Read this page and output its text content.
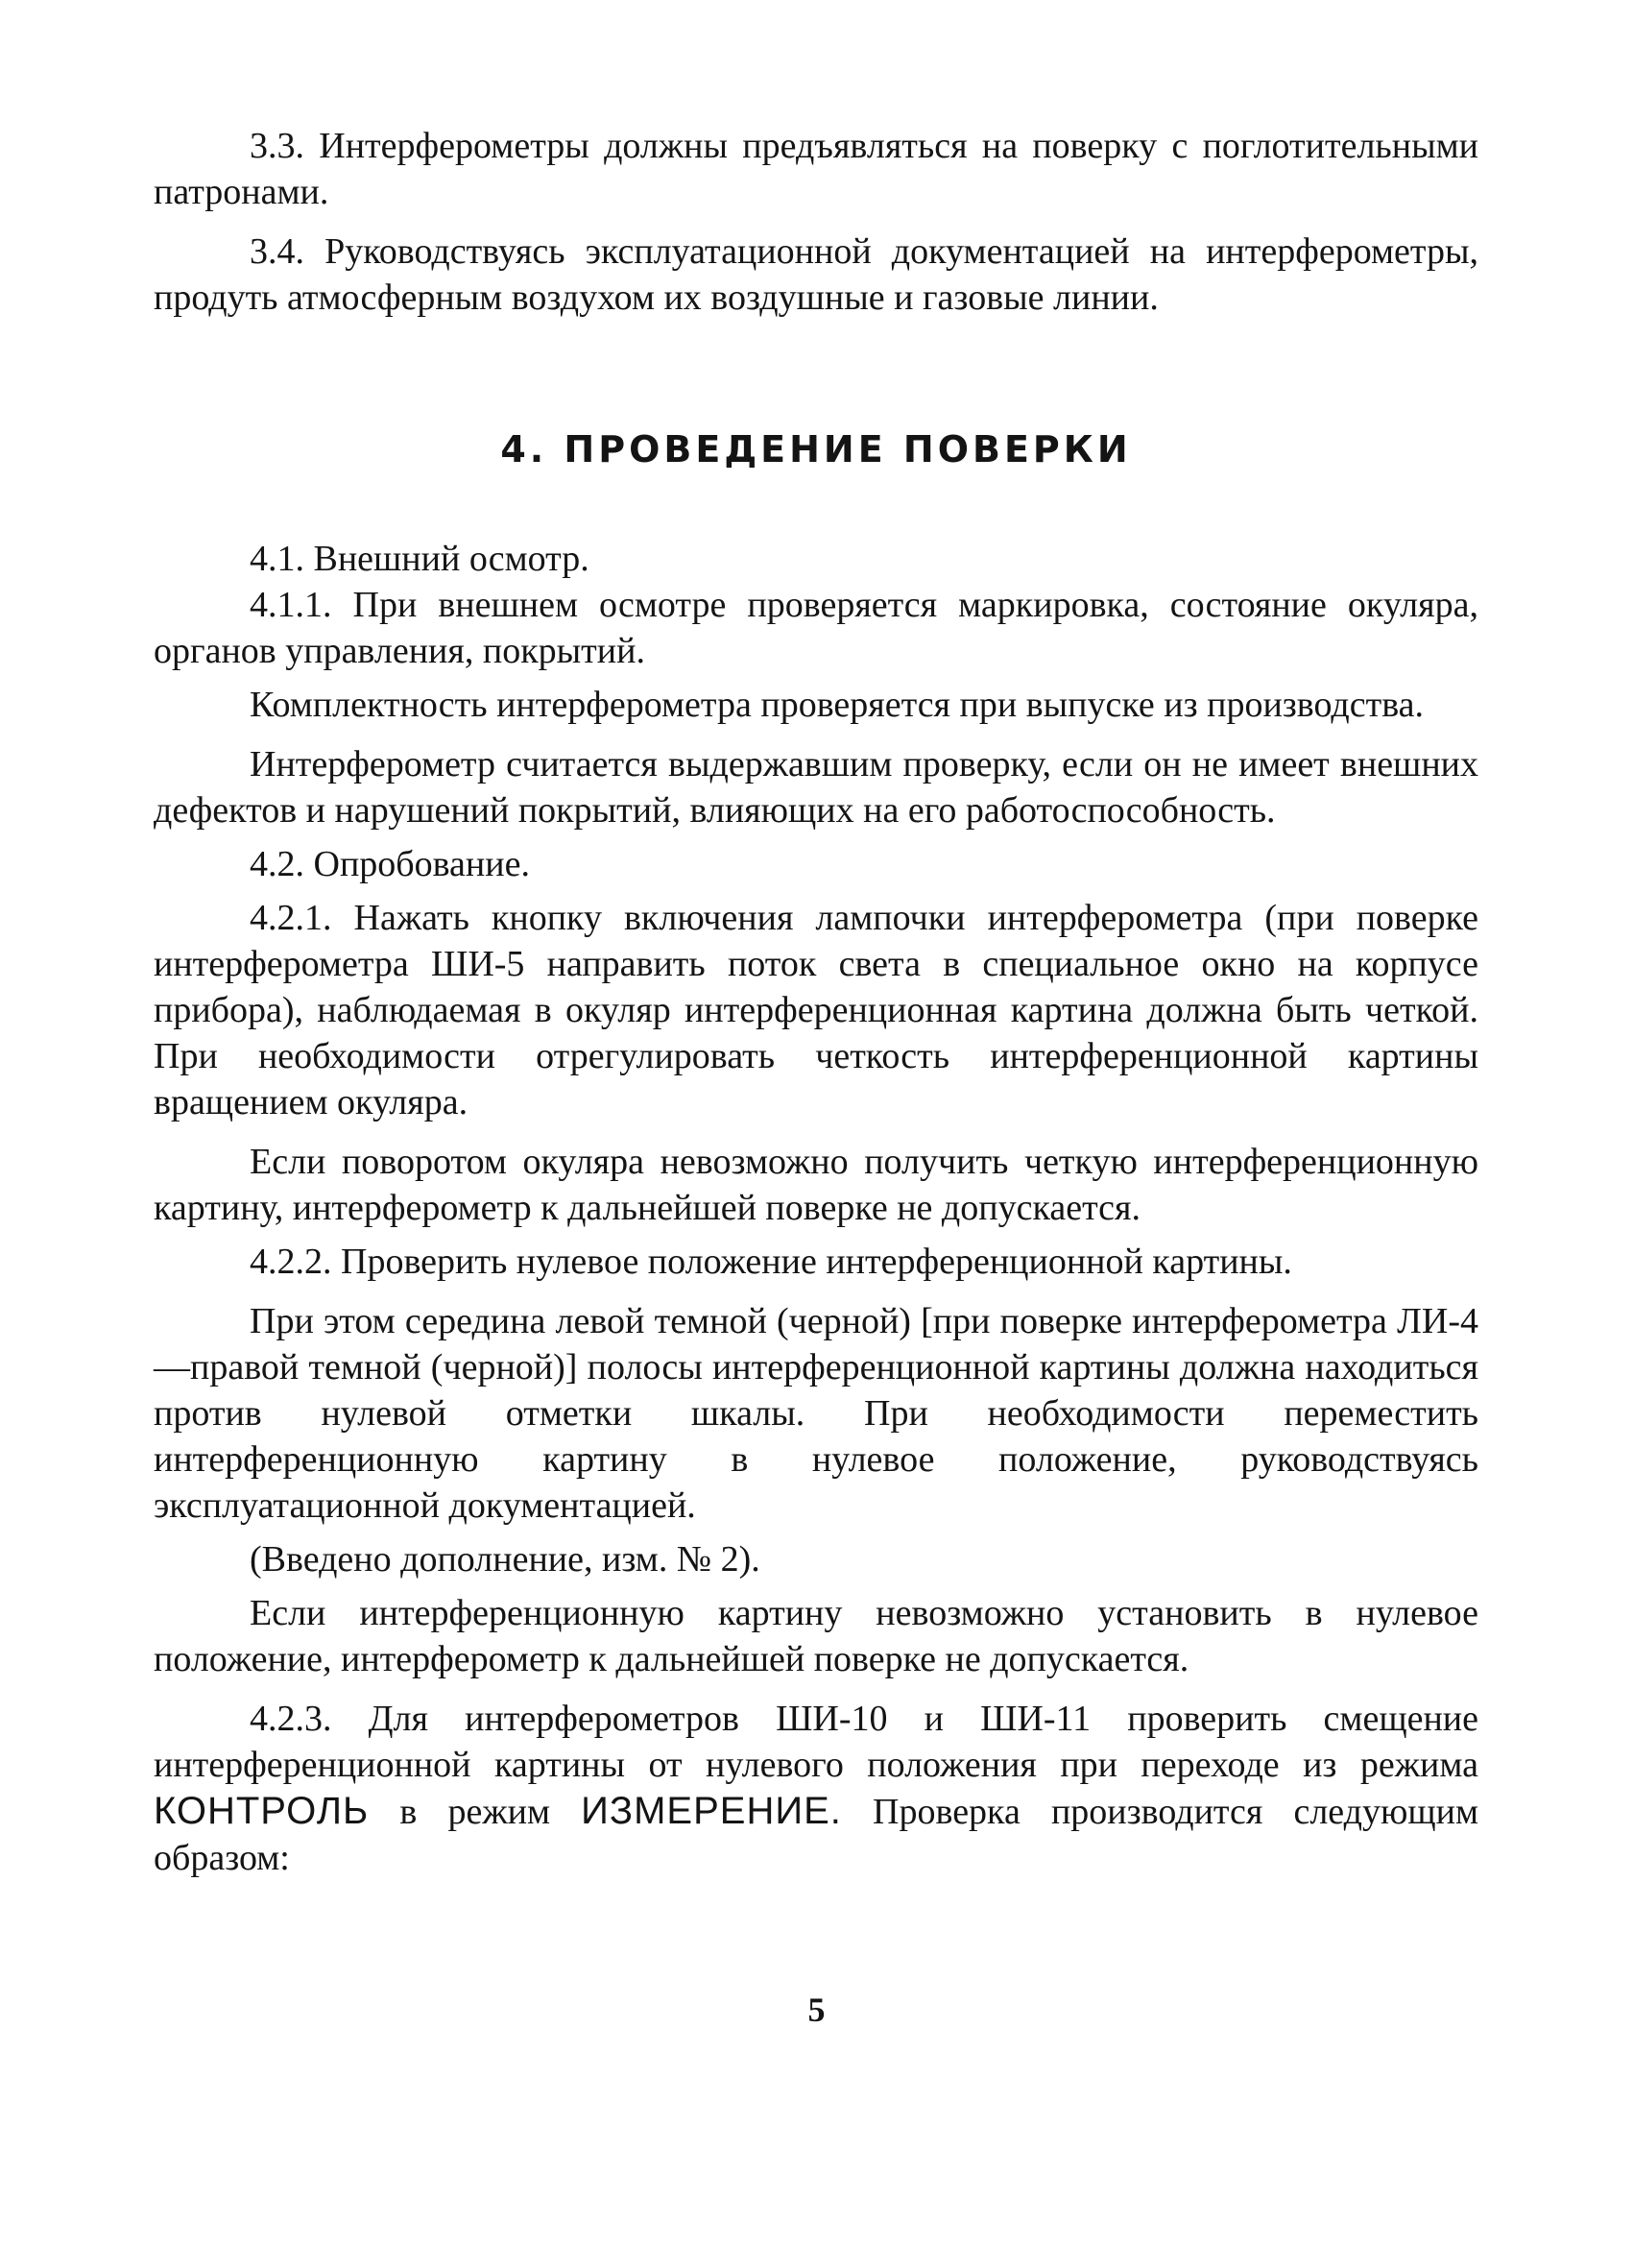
3.3. Интерферометры должны предъявляться на поверку с поглотительными патронами.

3.4. Руководствуясь эксплуатационной документацией на интерферометры, продуть атмосферным воздухом их воздушные и газовые линии.

4. ПРОВЕДЕНИЕ ПОВЕРКИ

4.1. Внешний осмотр.

4.1.1. При внешнем осмотре проверяется маркировка, состояние окуляра, органов управления, покрытий.

Комплектность интерферометра проверяется при выпуске из производства.

Интерферометр считается выдержавшим проверку, если он не имеет внешних дефектов и нарушений покрытий, влияющих на его работоспособность.

4.2. Опробование.

4.2.1. Нажать кнопку включения лампочки интерферометра (при поверке интерферометра ШИ-5 направить поток света в специальное окно на корпусе прибора), наблюдаемая в окуляр интерференционная картина должна быть четкой. При необходимости отрегулировать четкость интерференционной картины вращением окуляра.

Если поворотом окуляра невозможно получить четкую интерференционную картину, интерферометр к дальнейшей поверке не допускается.

4.2.2. Проверить нулевое положение интерференционной картины.

При этом середина левой темной (черной) [при поверке интерферометра ЛИ-4 —правой темной (черной)] полосы интерференционной картины должна находиться против нулевой отметки шкалы. При необходимости переместить интерференционную картину в нулевое положение, руководствуясь эксплуатационной документацией.

(Введено дополнение, изм. № 2).

Если интерференционную картину невозможно установить в нулевое положение, интерферометр к дальнейшей поверке не допускается.

4.2.3. Для интерферометров ШИ-10 и ШИ-11 проверить смещение интерференционной картины от нулевого положения при переходе из режима КОНТРОЛЬ в режим ИЗМЕРЕНИЕ. Проверка производится следующим образом:

5
